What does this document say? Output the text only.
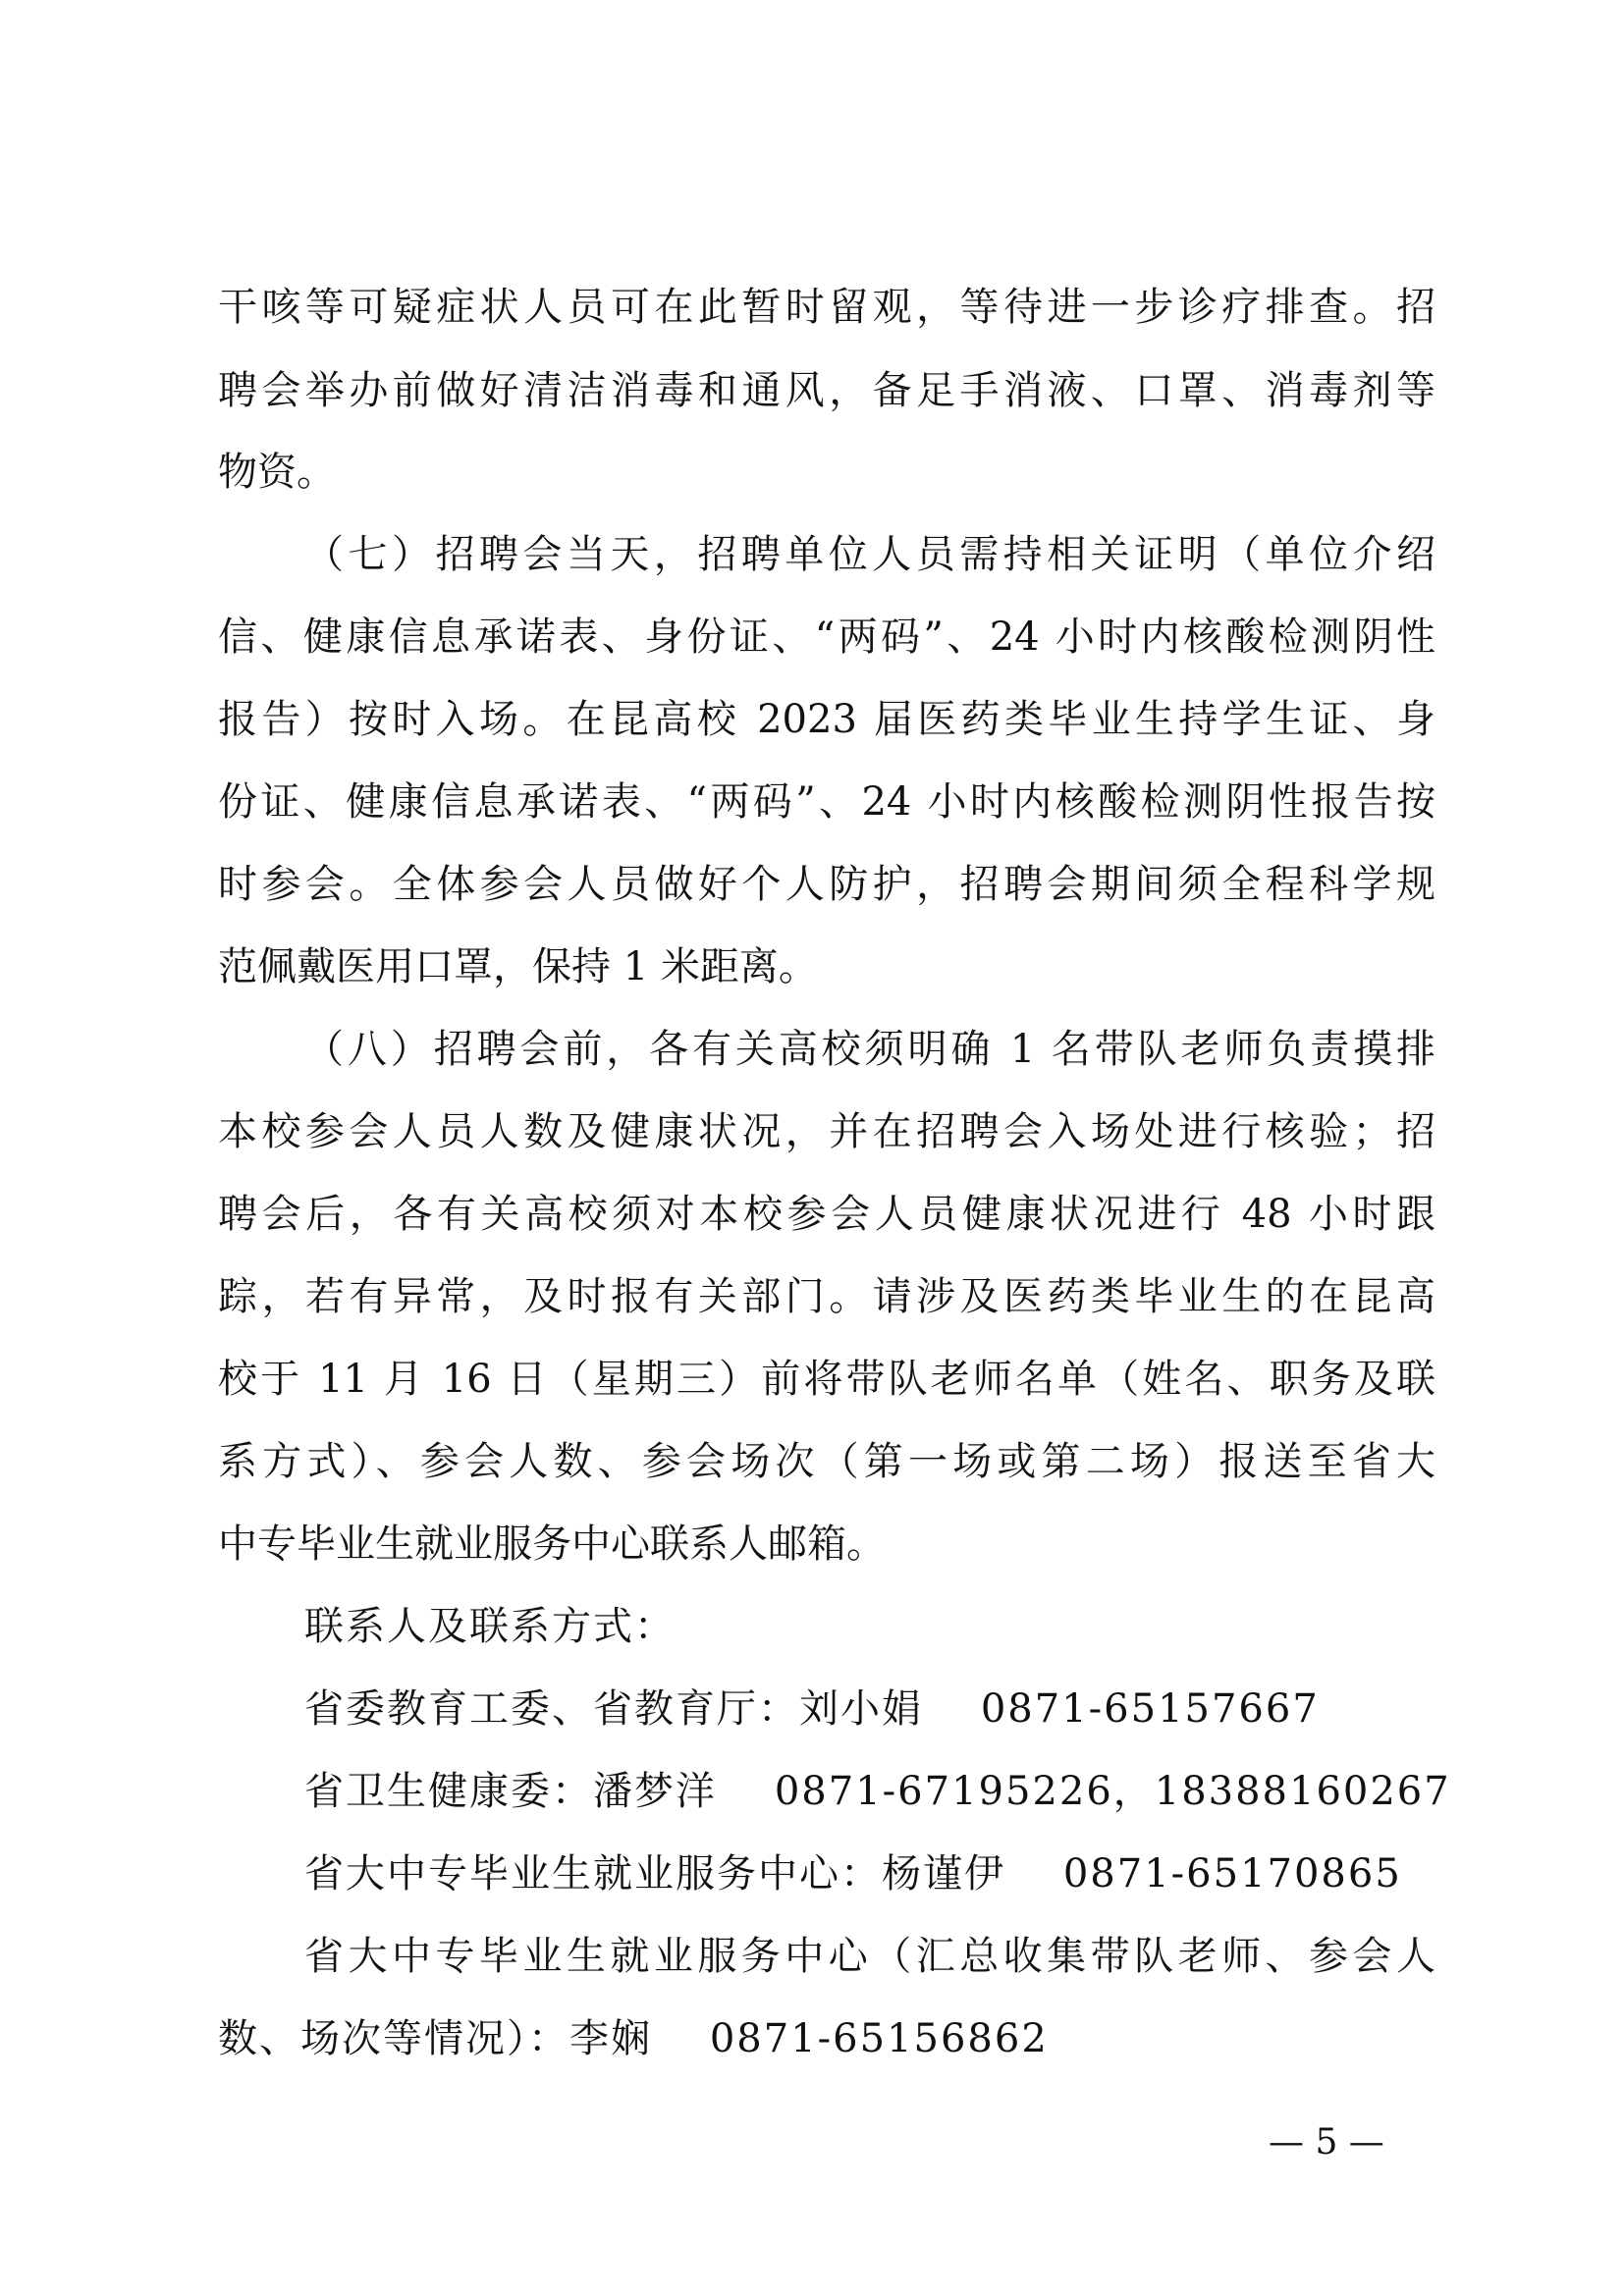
干咳等可疑症状人员可在此暂时留观，等待进一步诊疗排查。招
聘会举办前做好清洁消毒和通风，备足手消液、口罩、消毒剂等
物资。
（七）招聘会当天，招聘单位人员需持相关证明（单位介绍
信、健康信息承诺表、身份证、“两码”、24 小时内核酸检测阴性
报告）按时入场。在昆高校 2023 届医药类毕业生持学生证、身
份证、健康信息承诺表、“两码”、24 小时内核酸检测阴性报告按
时参会。全体参会人员做好个人防护，招聘会期间须全程科学规
范佩戴医用口罩，保持 1 米距离。
（八）招聘会前，各有关高校须明确 1 名带队老师负责摸排
本校参会人员人数及健康状况，并在招聘会入场处进行核验；招
聘会后，各有关高校须对本校参会人员健康状况进行 48 小时跟
踪，若有异常，及时报有关部门。请涉及医药类毕业生的在昆高
校于 11 月 16 日（星期三）前将带队老师名单（姓名、职务及联
系方式）、参会人数、参会场次（第一场或第二场）报送至省大
中专毕业生就业服务中心联系人邮箱。
联系人及联系方式：
省委教育工委、省教育厅：刘小娟    0871-65157667
省卫生健康委：潘梦洋    0871-67195226，18388160267
省大中专毕业生就业服务中心：杨谨伊    0871-65170865
省大中专毕业生就业服务中心（汇总收集带队老师、参会人
数、场次等情况）：李娴    0871-65156862
— 5 —
